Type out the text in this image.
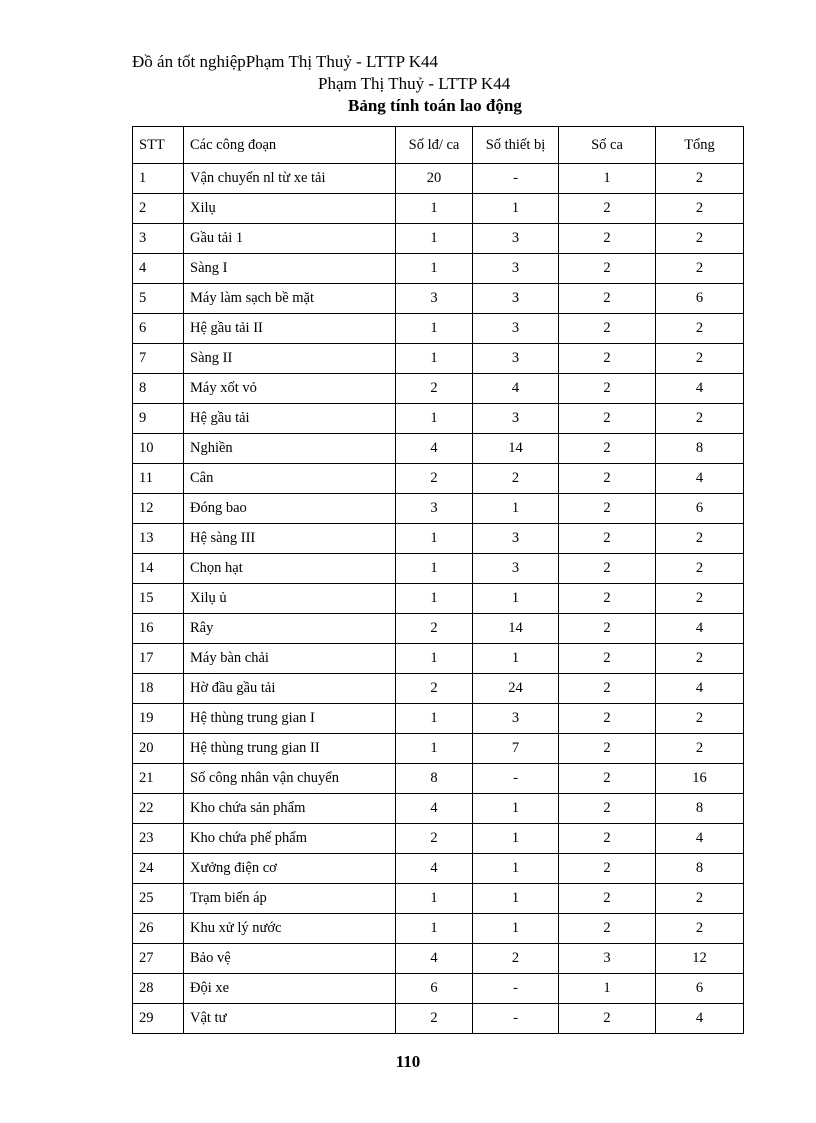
Đồ án tốt nghiệpPhạm Thị Thuỷ - LTTP K44
Phạm Thị Thuỷ - LTTP K44
Bảng tính toán lao động
STT	Các công đoạn	Số lđ/ ca	Số thiết bị	Số ca	Tổng
1	Vận chuyển nl từ xe tải	20	-	1	2
2	Xilụ	1	1	2	2
3	Gầu tải 1	1	3	2	2
4	Sàng I	1	3	2	2
5	Máy làm sạch bề mặt	3	3	2	6
6	Hệ gầu tải II	1	3	2	2
7	Sàng II	1	3	2	2
8	Máy xốt vỏ	2	4	2	4
9	Hệ gầu tải	1	3	2	2
10	Nghiền	4	14	2	8
11	Cân	2	2	2	4
12	Đóng bao	3	1	2	6
13	Hệ sàng III	1	3	2	2
14	Chọn hạt	1	3	2	2
15	Xilụ ủ	1	1	2	2
16	Rây	2	14	2	4
17	Máy bàn chải	1	1	2	2
18	Hờ đầu gầu tải	2	24	2	4
19	Hệ thùng trung gian I	1	3	2	2
20	Hệ thùng trung gian II	1	7	2	2
21	Số công nhân vận chuyển	8	-	2	16
22	Kho chứa sản phẩm	4	1	2	8
23	Kho chứa phế phẩm	2	1	2	4
24	Xưởng điện cơ	4	1	2	8
25	Trạm biến áp	1	1	2	2
26	Khu xử lý nước	1	1	2	2
27	Bảo vệ	4	2	3	12
28	Đội xe	6	-	1	6
29	Vật tư	2	-	2	4
110
